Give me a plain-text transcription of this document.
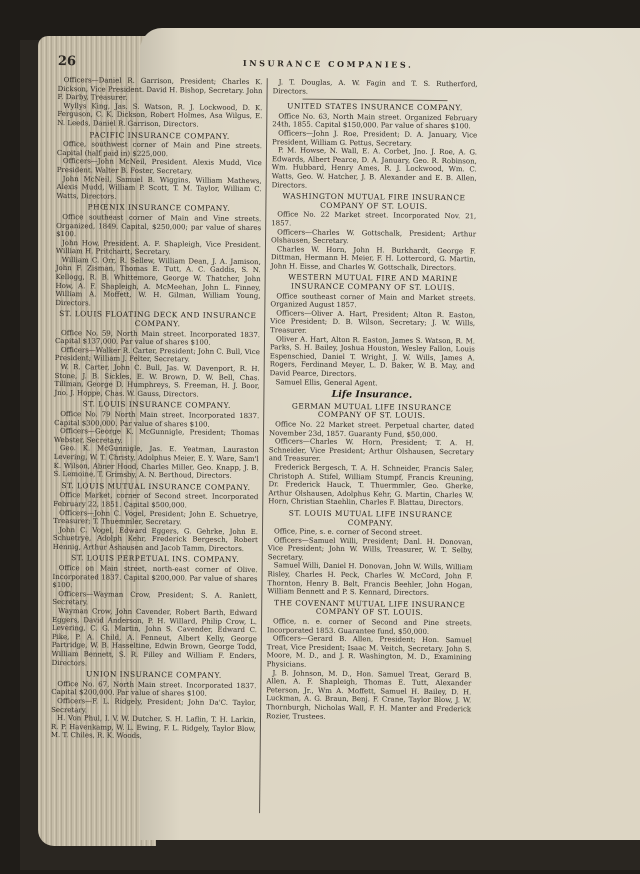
26	INSURANCE COMPANIES.

Officers—Daniel R. Garrison, President; Charles K. Dickson, Vice President. David H. Bishop, Secretary. John F. Darby, Treasurer.

Wyllys King, Jas. S. Watson, R. J. Lockwood, D. K. Ferguson, C. K. Dickson, Robert Holmes, Asa Wilgus, E. N. Leeds, Daniel R. Garrison, Directors.

PACIFIC INSURANCE COMPANY.

Office, southwest corner of Main and Pine streets. Capital (half paid in) $225,000.

Officers—John McNeil, President. Alexis Mudd, Vice President. Walter B. Foster, Secretary.

John McNeil, Samuel B. Wiggins, William Mathews, Alexis Mudd, William P. Scott, T. M. Taylor, William C. Watts, Directors.

PHŒNIX INSURANCE COMPANY.

Office southeast corner of Main and Vine streets. Organized, 1849. Capital, $250,000; par value of shares $100.

John How, President. A. F. Shapleigh, Vice President. William H. Pritchartt, Secretary.

William C. Orr, R. Sellew, William Dean, J. A. Jamison, John F. Zisman, Thomas E. Tutt, A. C. Gaddis, S. N. Kellogg, R. B. Whittemore, George W. Thatcher, John How, A. F. Shapleigh, A. McMeehan, John L. Finney, William A. Moffett, W. H. Gilman, William Young, Directors.

ST. LOUIS FLOATING DECK AND INSURANCE COMPANY.

Office No. 59, North Main street. Incorporated 1837. Capital $137,000. Par value of shares $100.

Officers—Walker R. Carter, President; John C. Bull, Vice President; William J. Felter, Secretary.

W. R. Carter, John C. Bull, Jas. W. Davenport, R. H. Stone, J. B. Sickles, E. W. Brown, D. W. Bell, Chas. Tillman, George D. Humphreys, S. Freeman, H. J. Boor, Jno. J. Hoppe, Chas. W. Gauss, Directors.

ST. LOUIS INSURANCE COMPANY.

Office No. 79 North Main street. Incorporated 1837. Capital $300,000. Par value of shares $100.

Officers—George K. McGunnigle, President; Thomas Webster, Secretary.

Geo. K. McGunnigle, Jas. E. Yeatman, Lauraston Levering, W. T. Christy, Adolphus Meier, E. Y. Ware, Sam'l K. Wilson, Abner Hood, Charles Miller, Geo. Knapp, J. B. S. Lemoine, T. Grimsby, A. N. Berthoud, Directors.

ST. LOUIS MUTUAL INSURANCE COMPANY.

Office Market, corner of Second street. Incorporated February 22, 1851. Capital $500,000.

Officers—John C. Vogel, President; John E. Schuetrye, Treasurer; T. Thuemmler, Secretary.

John C. Vogel, Edward Eggers, G. Gehrke, John E. Schuetrye, Adolph Kehr, Frederick Bergesch, Robert Hennig, Arthur Ashausen and Jacob Tamm, Directors.

ST. LOUIS PERPETUAL INS. COMPANY.

Office on Main street, north-east corner of Olive. Incorporated 1837. Capital $200,000. Par value of shares $100.

Officers—Wayman Crow, President; S. A. Ranlett, Secretary.

Wayman Crow, John Cavender, Robert Barth, Edward Eggers, David Anderson, P. H. Willard, Philip Crow, L. Levering, C. G. Martin, John S. Cavender, Edward C. Pike, P. A. Child, A. Fenneut, Albert Kelly, George Partridge, W. B. Hasseltine, Edwin Brown, George Todd, William Bennett, S. R. Filley and William F. Enders, Directors.

UNION INSURANCE COMPANY.

Office No. 67, North Main street. Incorporated 1837. Capital $200,000. Par value of shares $100.

Officers—F. L. Ridgely, President; John Da'C. Taylor, Secretary.

H. Von Phul, I. V. W. Dutcher, S. H. Laflin, T. H. Larkin, R. P. Havenkamp, W. L. Ewing, F. L. Ridgely, Taylor Blow, M. T. Chiles, R. K. Woods,

J. T. Douglas, A. W. Fagin and T. S. Rutherford, Directors.

UNITED STATES INSURANCE COMPANY.

Office No. 63, North Main street. Organized February 24th, 1855. Capital $150,000. Par value of shares $100.

Officers—John J. Roe, President; D. A. January, Vice President, William G. Pettus, Secretary.

P. M. Howse, N. Wall, E. A. Corbet, Jno. J. Roe, A. G. Edwards, Albert Pearce, D. A. January, Geo. R. Robinson, Wm. Hubbard, Henry Ames, R. J. Lockwood, Wm. C. Watts, Geo. W. Hatcher, J. B. Alexander and E. B. Allen, Directors.

WASHINGTON MUTUAL FIRE INSURANCE COMPANY OF ST. LOUIS.

Office No. 22 Market street. Incorporated Nov. 21, 1857.

Officers—Charles W. Gottschalk, President; Arthur Olshausen, Secretary.

Charles W. Horn, John H. Burkhardt, George F. Dittman, Hermann H. Meier, F. H. Lottercord, G. Martin, John H. Eisse, and Charles W. Gottschalk, Directors.

WESTERN MUTUAL FIRE AND MARINE INSURANCE COMPANY OF ST. LOUIS.

Office southeast corner of Main and Market streets. Organized August 1857.

Officers—Oliver A. Hart, President; Alton R. Easton, Vice President; D. B. Wilson, Secretary; J. W. Wills, Treasurer.

Oliver A. Hart, Alton R. Easton, James S. Watson, R. M. Parks, S. H. Bailey, Joshua Houston, Wesley Fallon, Louis Espenschied, Daniel T. Wright, J. W. Wills, James A. Rogers, Ferdinand Meyer, L. D. Baker, W. B. May, and David Pearce, Directors.

Samuel Ellis, General Agent.

Life Insurance.
GERMAN MUTUAL LIFE INSURANCE COMPANY OF ST. LOUIS.

Office No. 22 Market street. Perpetual charter, dated November 23d, 1857. Guaranty Fund, $50,000.

Officers—Charles W. Horn, President; T. A. H. Schneider, Vice President; Arthur Olshausen, Secretary and Treasurer.

Frederick Bergesch, T. A. H. Schneider, Francis Saler, Christoph A. Stifel, William Stumpf, Francis Kreuning, Dr. Frederick Hauck, T. Thuermmler, Geo. Gherke, Arthur Olshausen, Adolphus Kehr, G. Martin, Charles W. Horn, Christian Staehlin, Charles F. Blattau, Directors.

ST. LOUIS MUTUAL LIFE INSURANCE COMPANY.

Office, Pine, s. e. corner of Second street.

Officers—Samuel Willi, President; Danl. H. Donovan, Vice President; John W. Wills, Treasurer, W. T. Selby, Secretary.

Samuel Willi, Daniel H. Donovan, John W. Wills, William Risley, Charles H. Peck, Charles W. McCord, John F. Thornton, Henry B. Belt, Francis Beehler, John Hogan, William Bennett and P. S. Kennard, Directors.

THE COVENANT MUTUAL LIFE INSURANCE COMPANY OF ST. LOUIS.

Office, n. e. corner of Second and Pine streets. Incorporated 1853. Guarantee fund, $50,000.

Officers—Gerard B. Allen, President; Hon. Samuel Treat, Vice President; Isaac M. Veitch, Secretary. John S. Moore, M. D., and J. R. Washington, M. D., Examining Physicians.

J. B. Johnson, M. D., Hon. Samuel Treat, Gerard B. Allen, A. F. Shapleigh, Thomas E. Tutt, Alexander Peterson, Jr., Wm A. Moffett, Samuel H. Bailey, D. H. Luckman, A. G. Braun, Benj. F. Crane, Taylor Blow, J. W. Thornburgh, Nicholas Wall, F. H. Manter and Frederick Rozier, Trustees.
